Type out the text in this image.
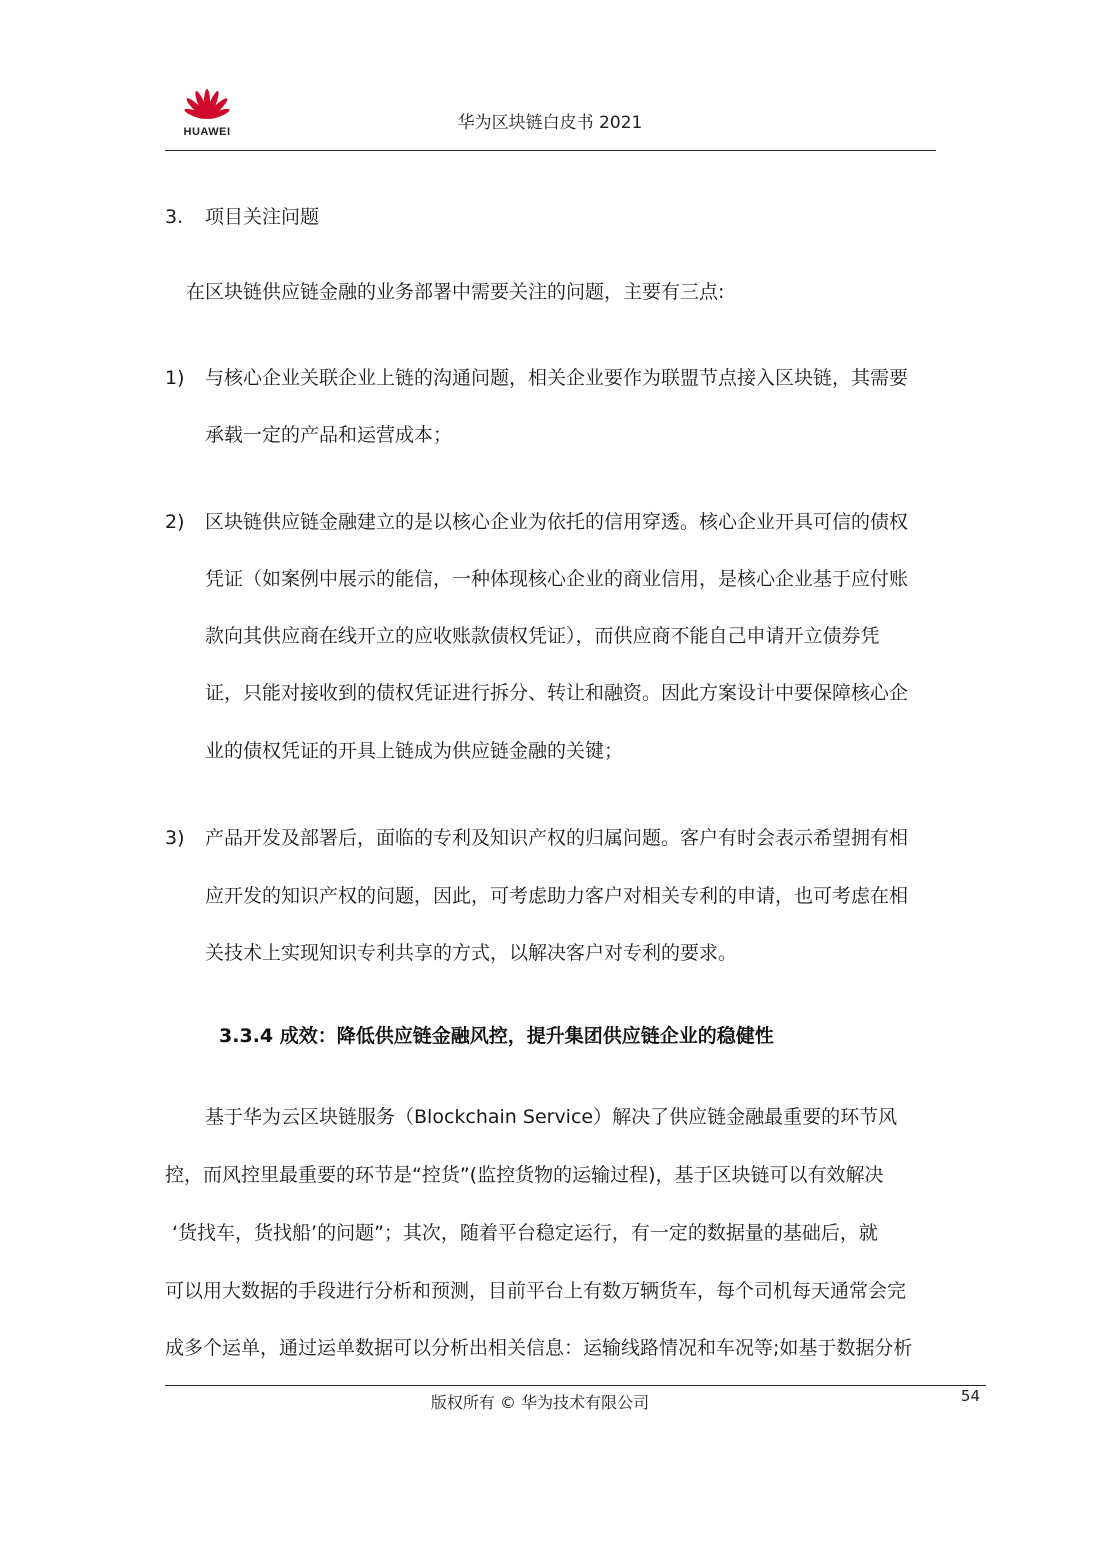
HUAWEI	华为区块链白皮书 2021
3. 项目关注问题
在区块链供应链金融的业务部署中需要关注的问题，主要有三点:
1) 与核心企业关联企业上链的沟通问题，相关企业要作为联盟节点接入区块链，其需要
承载一定的产品和运营成本；
2) 区块链供应链金融建立的是以核心企业为依托的信用穿透。核心企业开具可信的债权
凭证（如案例中展示的能信，一种体现核心企业的商业信用，是核心企业基于应付账
款向其供应商在线开立的应收账款债权凭证），而供应商不能自己申请开立债券凭
证，只能对接收到的债权凭证进行拆分、转让和融资。因此方案设计中要保障核心企
业的债权凭证的开具上链成为供应链金融的关键；
3) 产品开发及部署后，面临的专利及知识产权的归属问题。客户有时会表示希望拥有相
应开发的知识产权的问题，因此，可考虑助力客户对相关专利的申请，也可考虑在相
关技术上实现知识专利共享的方式，以解决客户对专利的要求。
3.3.4 成效：降低供应链金融风控，提升集团供应链企业的稳健性
基于华为云区块链服务（Blockchain Service）解决了供应链金融最重要的环节风
控，而风控里最重要的环节是“控货”(监控货物的运输过程)，基于区块链可以有效解决
‘货找车，货找船’的问题”；其次，随着平台稳定运行，有一定的数据量的基础后，就
可以用大数据的手段进行分析和预测，目前平台上有数万辆货车，每个司机每天通常会完
成多个运单，通过运单数据可以分析出相关信息：运输线路情况和车况等;如基于数据分析
版权所有 © 华为技术有限公司	54
